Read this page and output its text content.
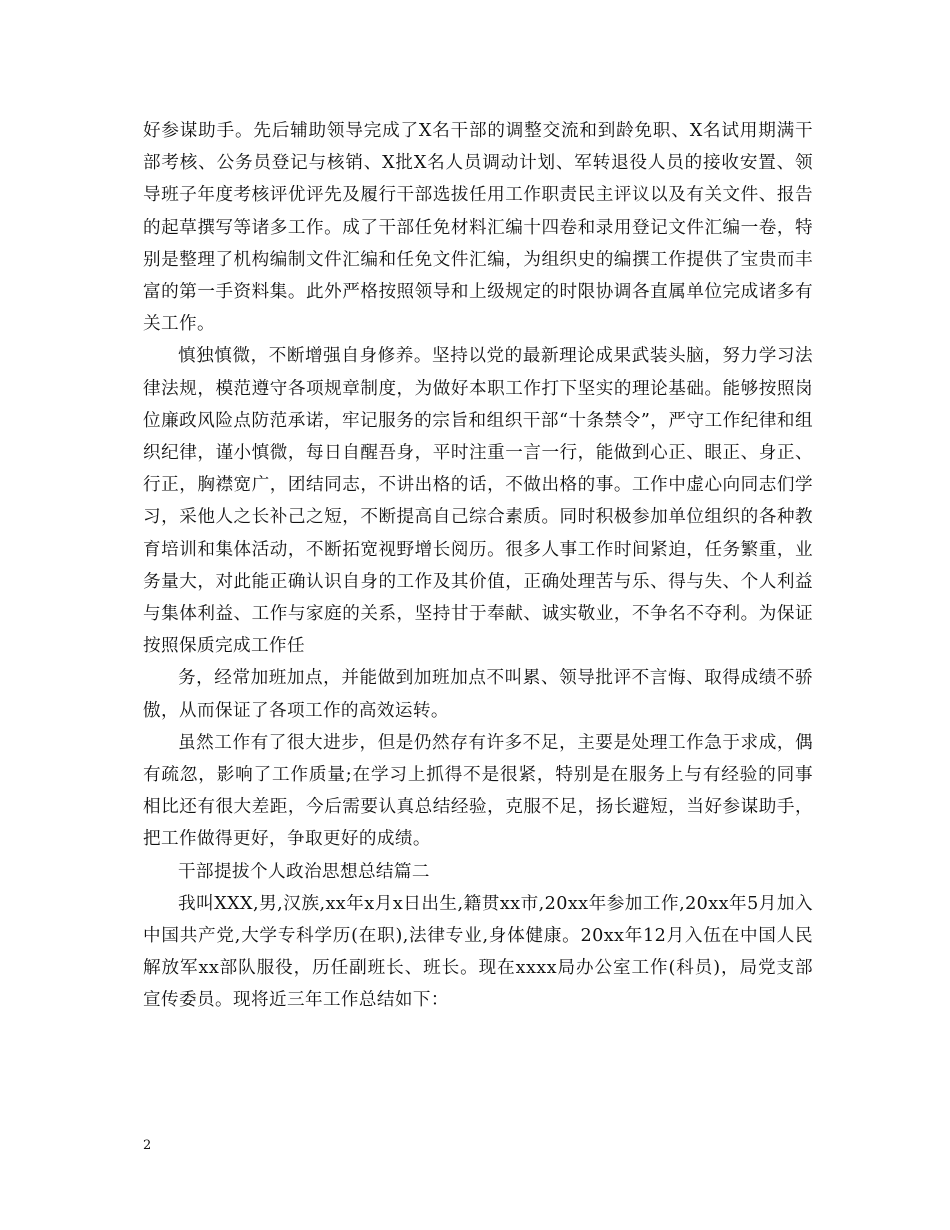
好参谋助手。先后辅助领导完成了X名干部的调整交流和到龄免职、X名试用期满干部考核、公务员登记与核销、X批X名人员调动计划、军转退役人员的接收安置、领导班子年度考核评优评先及履行干部选拔任用工作职责民主评议以及有关文件、报告的起草撰写等诸多工作。成了干部任免材料汇编十四卷和录用登记文件汇编一卷，特别是整理了机构编制文件汇编和任免文件汇编，为组织史的编撰工作提供了宝贵而丰富的第一手资料集。此外严格按照领导和上级规定的时限协调各直属单位完成诸多有关工作。

慎独慎微，不断增强自身修养。坚持以党的最新理论成果武装头脑，努力学习法律法规，模范遵守各项规章制度，为做好本职工作打下坚实的理论基础。能够按照岗位廉政风险点防范承诺，牢记服务的宗旨和组织干部“十条禁令”，严守工作纪律和组织纪律，谨小慎微，每日自醒吾身，平时注重一言一行，能做到心正、眼正、身正、行正，胸襟宽广，团结同志，不讲出格的话，不做出格的事。工作中虚心向同志们学习，采他人之长补己之短，不断提高自己综合素质。同时积极参加单位组织的各种教育培训和集体活动，不断拓宽视野增长阅历。很多人事工作时间紧迫，任务繁重，业务量大，对此能正确认识自身的工作及其价值，正确处理苦与乐、得与失、个人利益与集体利益、工作与家庭的关系，坚持甘于奉献、诚实敬业，不争名不夺利。为保证按照保质完成工作任

务，经常加班加点，并能做到加班加点不叫累、领导批评不言悔、取得成绩不骄傲，从而保证了各项工作的高效运转。

虽然工作有了很大进步，但是仍然存有许多不足，主要是处理工作急于求成，偶有疏忽，影响了工作质量;在学习上抓得不是很紧，特别是在服务上与有经验的同事相比还有很大差距，今后需要认真总结经验，克服不足，扬长避短，当好参谋助手，把工作做得更好，争取更好的成绩。

干部提拔个人政治思想总结篇二

我叫XXX,男,汉族,xx年x月x日出生,籍贯xx市,20xx年参加工作,20xx年5月加入中国共产党,大学专科学历(在职),法律专业,身体健康。20xx年12月入伍在中国人民解放军xx部队服役，历任副班长、班长。现在xxxx局办公室工作(科员)，局党支部宣传委员。现将近三年工作总结如下：

2
